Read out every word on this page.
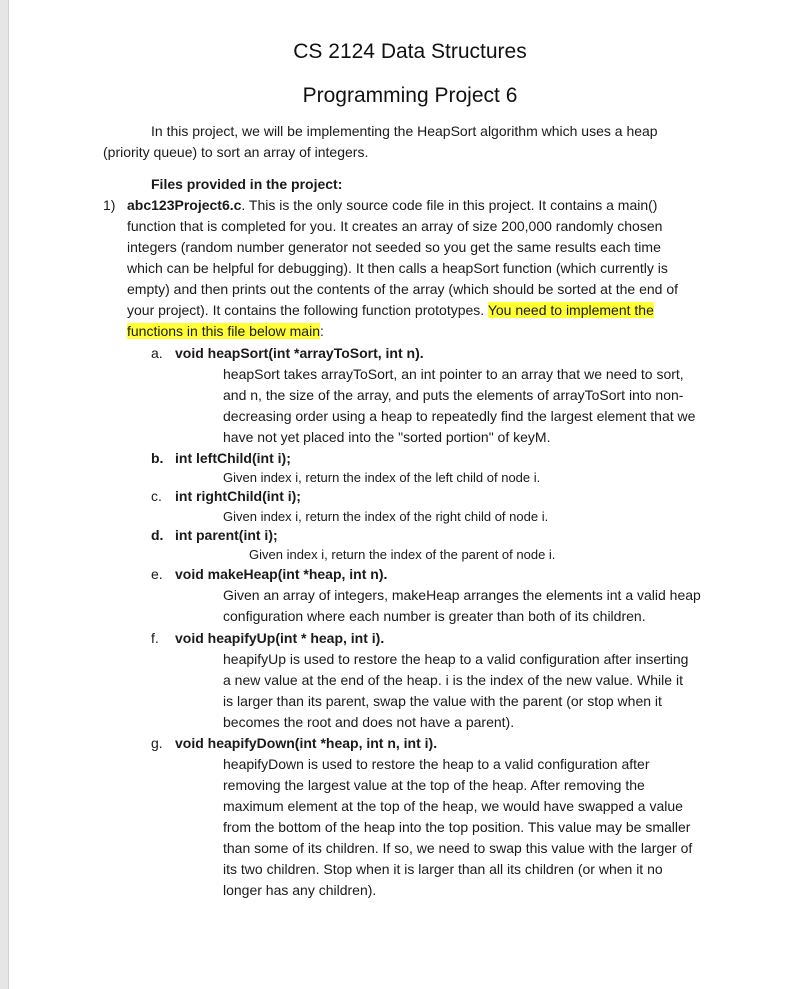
CS 2124 Data Structures
Programming Project 6
In this project, we will be implementing the HeapSort algorithm which uses a heap
(priority queue) to sort an array of integers.
Files provided in the project:
1) abc123Project6.c. This is the only source code file in this project. It contains a main()
function that is completed for you. It creates an array of size 200,000 randomly chosen
integers (random number generator not seeded so you get the same results each time
which can be helpful for debugging). It then calls a heapSort function (which currently is
empty) and then prints out the contents of the array (which should be sorted at the end of
your project). It contains the following function prototypes. You need to implement the
functions in this file below main:
a. void heapSort(int *arrayToSort, int n).
heapSort takes arrayToSort, an int pointer to an array that we need to sort,
and n, the size of the array, and puts the elements of arrayToSort into non-
decreasing order using a heap to repeatedly find the largest element that we
have not yet placed into the "sorted portion" of keyM.
b. int leftChild(int i);
Given index i, return the index of the left child of node i.
c. int rightChild(int i);
Given index i, return the index of the right child of node i.
d. int parent(int i);
Given index i, return the index of the parent of node i.
e. void makeHeap(int *heap, int n).
Given an array of integers, makeHeap arranges the elements int a valid heap
configuration where each number is greater than both of its children.
f. void heapifyUp(int * heap, int i).
heapifyUp is used to restore the heap to a valid configuration after inserting
a new value at the end of the heap. i is the index of the new value. While it
is larger than its parent, swap the value with the parent (or stop when it
becomes the root and does not have a parent).
g. void heapifyDown(int *heap, int n, int i).
heapifyDown is used to restore the heap to a valid configuration after
removing the largest value at the top of the heap. After removing the
maximum element at the top of the heap, we would have swapped a value
from the bottom of the heap into the top position. This value may be smaller
than some of its children. If so, we need to swap this value with the larger of
its two children. Stop when it is larger than all its children (or when it no
longer has any children).
